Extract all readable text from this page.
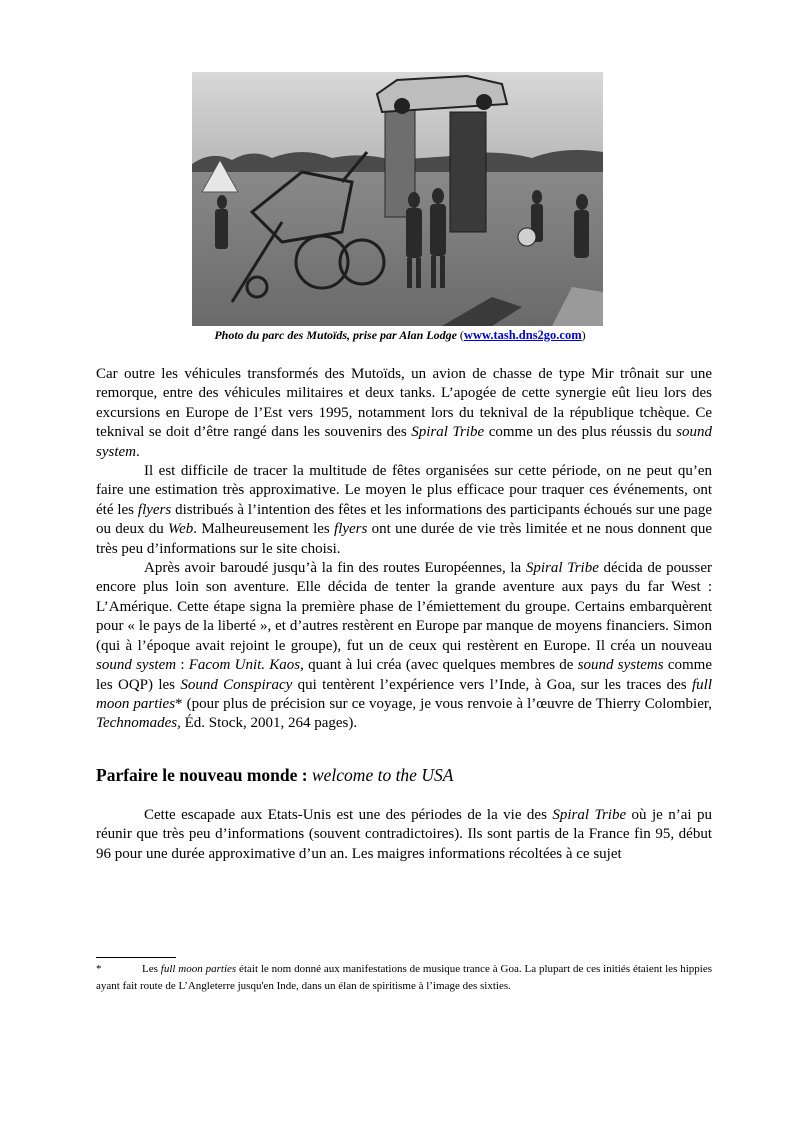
Photo du parc des Mutoïds, prise par Alan Lodge (www.tash.dns2go.com)

Car outre les véhicules transformés des Mutoïds, un avion de chasse de type Mir trônait sur une remorque, entre des véhicules militaires et deux tanks. L’apogée de cette synergie eût lieu lors des excursions en Europe de l’Est vers 1995, notamment lors du teknival de la république tchèque. Ce teknival se doit d’être rangé dans les souvenirs des Spiral Tribe comme un des plus réussis du sound system.

Il est difficile de tracer la multitude de fêtes organisées sur cette période, on ne peut qu’en faire une estimation très approximative. Le moyen le plus efficace pour traquer ces événements, ont été les flyers distribués à l’intention des fêtes et les informations des participants échoués sur une page ou deux du Web. Malheureusement les flyers ont une durée de vie très limitée et ne nous donnent que très peu d’informations sur le site choisi.

Après avoir baroudé jusqu’à la fin des routes Européennes, la Spiral Tribe décida de pousser encore plus loin son aventure. Elle décida de tenter la grande aventure aux pays du far West : L’Amérique. Cette étape signa la première phase de l’émiettement du groupe. Certains embarquèrent pour « le pays de la liberté », et d’autres restèrent en Europe par manque de moyens financiers. Simon (qui à l’époque avait rejoint le groupe), fut un de ceux qui restèrent en Europe. Il créa un nouveau sound system : Facom Unit. Kaos, quant à lui créa (avec quelques membres de sound systems comme les OQP) les Sound Conspiracy qui tentèrent l’expérience vers l’Inde, à Goa, sur les traces des full moon parties* (pour plus de précision sur ce voyage, je vous renvoie à l’œuvre de Thierry Colombier, Technomades, Éd. Stock, 2001, 264 pages).

Parfaire le nouveau monde : welcome to the USA

Cette escapade aux Etats-Unis est une des périodes de la vie des Spiral Tribe où je n’ai pu réunir que très peu d’informations (souvent contradictoires). Ils sont partis de la France fin 95, début 96 pour une durée approximative d’un an. Les maigres informations récoltées à ce sujet

*	Les full moon parties était le nom donné aux manifestations de musique trance à Goa. La plupart de ces initiés étaient les hippies ayant fait route de L’Angleterre jusqu'en Inde, dans un élan de spiritisme à l’image des sixties.
